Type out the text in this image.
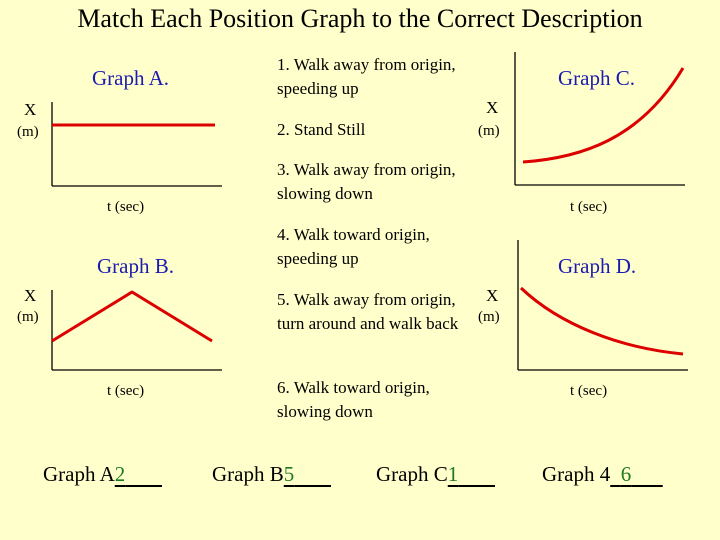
Match Each Position Graph to the Correct Description
Graph A.
X
(m)
t (sec)
Graph B.
X
(m)
t (sec)
Graph C.
X
(m)
t (sec)
Graph D.
X
(m)
t (sec)
1. Walk away from origin, speeding up
2. Stand Still
3. Walk away from origin, slowing down
4. Walk toward origin, speeding up
5. Walk away from origin, turn around and walk back
6. Walk toward origin, slowing down
Graph A2	Graph B5	Graph C1	Graph 4 6
